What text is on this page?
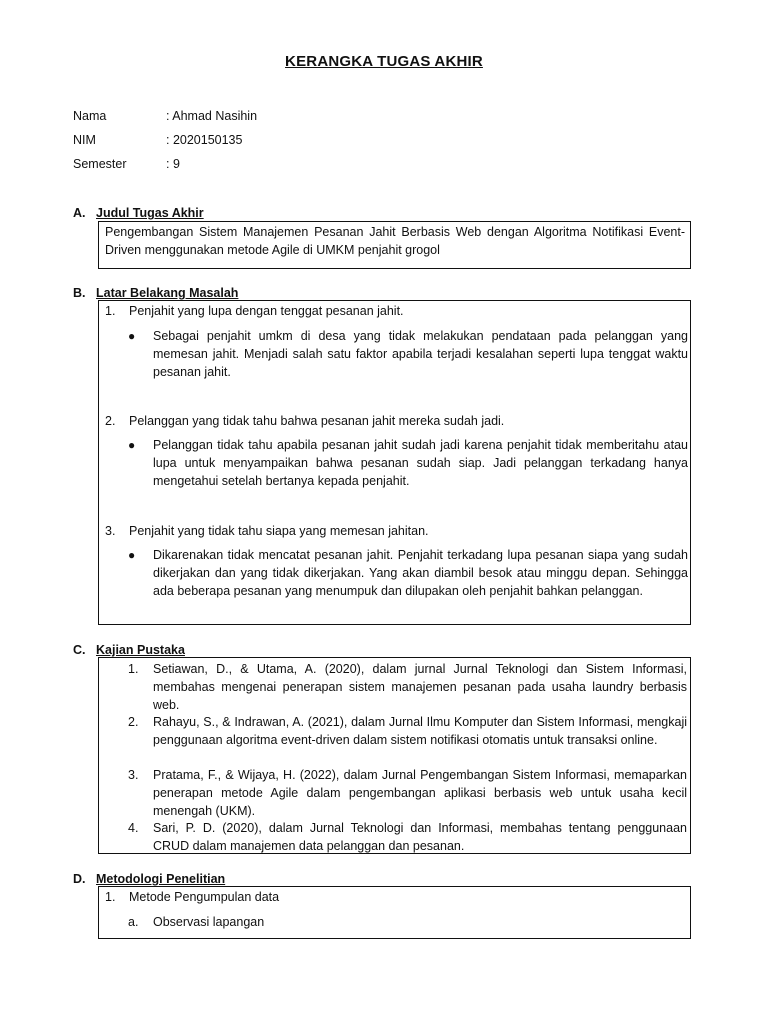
KERANGKA TUGAS AKHIR
Nama	: Ahmad Nasihin
NIM	: 2020150135
Semester	: 9
A. Judul Tugas Akhir
Pengembangan Sistem Manajemen Pesanan Jahit Berbasis Web dengan Algoritma Notifikasi Event-Driven menggunakan metode Agile di UMKM penjahit grogol
B. Latar Belakang Masalah
1. Penjahit yang lupa dengan tenggat pesanan jahit.
● Sebagai penjahit umkm di desa yang tidak melakukan pendataan pada pelanggan yang memesan jahit. Menjadi salah satu faktor apabila terjadi kesalahan seperti lupa tenggat waktu pesanan jahit.
2. Pelanggan yang tidak tahu bahwa pesanan jahit mereka sudah jadi.
● Pelanggan tidak tahu apabila pesanan jahit sudah jadi karena penjahit tidak memberitahu atau lupa untuk menyampaikan bahwa pesanan sudah siap. Jadi pelanggan terkadang hanya mengetahui setelah bertanya kepada penjahit.
3. Penjahit yang tidak tahu siapa yang memesan jahitan.
● Dikarenakan tidak mencatat pesanan jahit. Penjahit terkadang lupa pesanan siapa yang sudah dikerjakan dan yang tidak dikerjakan. Yang akan diambil besok atau minggu depan. Sehingga ada beberapa pesanan yang menumpuk dan dilupakan oleh penjahit bahkan pelanggan.
C. Kajian Pustaka
1. Setiawan, D., & Utama, A. (2020), dalam jurnal Jurnal Teknologi dan Sistem Informasi, membahas mengenai penerapan sistem manajemen pesanan pada usaha laundry berbasis web.
2. Rahayu, S., & Indrawan, A. (2021), dalam Jurnal Ilmu Komputer dan Sistem Informasi, mengkaji penggunaan algoritma event-driven dalam sistem notifikasi otomatis untuk transaksi online.
3. Pratama, F., & Wijaya, H. (2022), dalam Jurnal Pengembangan Sistem Informasi, memaparkan penerapan metode Agile dalam pengembangan aplikasi berbasis web untuk usaha kecil menengah (UKM).
4. Sari, P. D. (2020), dalam Jurnal Teknologi dan Informasi, membahas tentang penggunaan CRUD dalam manajemen data pelanggan dan pesanan.
D. Metodologi Penelitian
1. Metode Pengumpulan data
a. Observasi lapangan
